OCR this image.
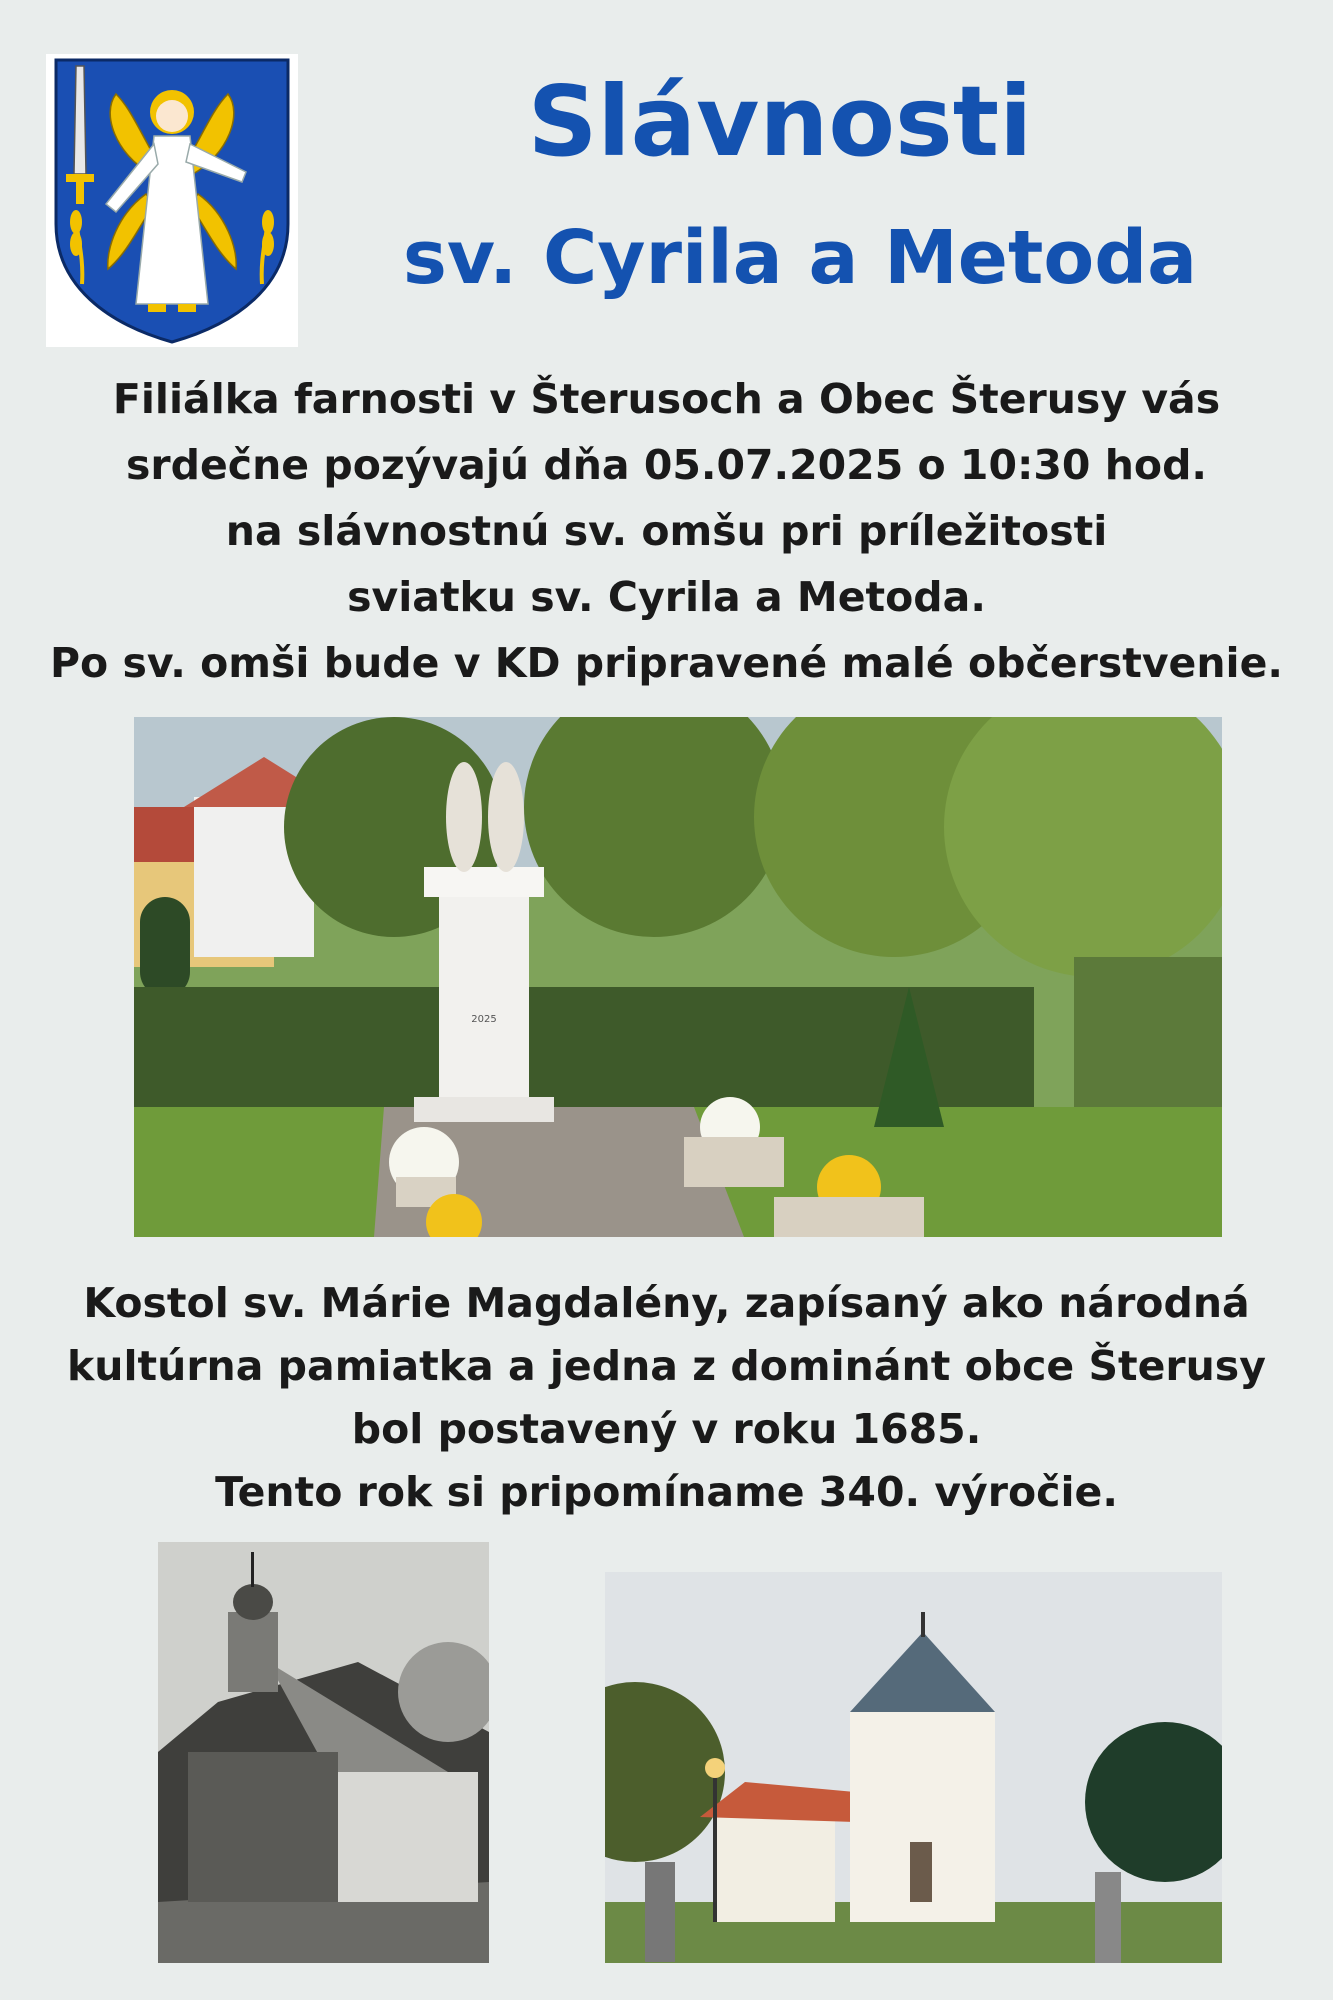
Slávnosti
sv. Cyrila a Metoda
Filiálka farnosti v Šterusoch a Obec Šterusy vás
srdečne pozývajú dňa 05.07.2025 o 10:30 hod.
na slávnostnú sv. omšu pri príležitosti
sviatku sv. Cyrila a Metoda.
Po sv. omši bude v KD pripravené malé občerstvenie.
2025
Kostol sv. Márie Magdalény, zapísaný ako národná
kultúrna pamiatka a jedna z dominánt obce Šterusy
bol postavený v roku 1685.
Tento rok si pripomíname 340. výročie.
